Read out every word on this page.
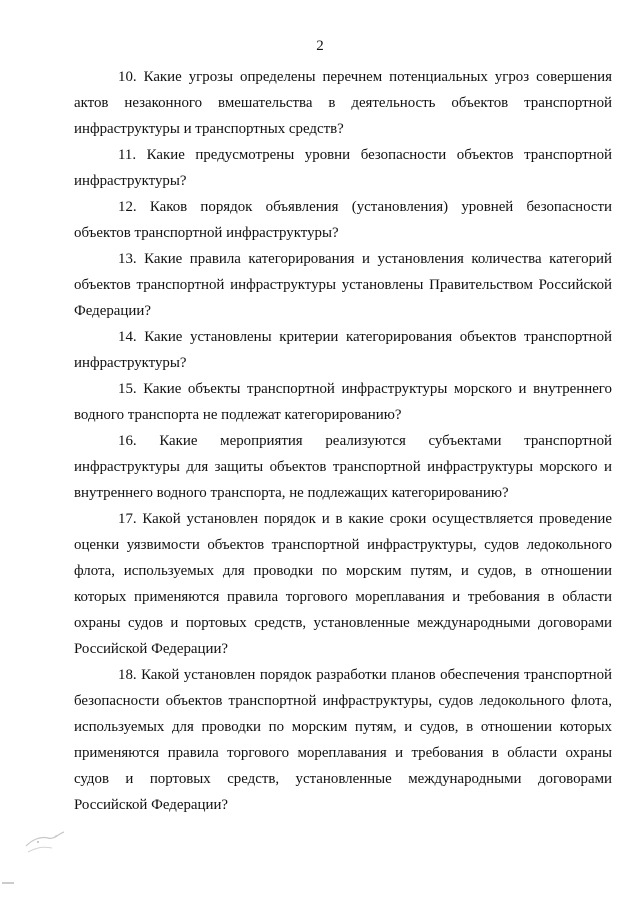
2

10. Какие угрозы определены перечнем потенциальных угроз совершения актов незаконного вмешательства в деятельность объектов транспортной инфраструктуры и транспортных средств?

11. Какие предусмотрены уровни безопасности объектов транспортной инфраструктуры?

12. Каков порядок объявления (установления) уровней безопасности объектов транспортной инфраструктуры?

13. Какие правила категорирования и установления количества категорий объектов транспортной инфраструктуры установлены Правительством Российской Федерации?

14. Какие установлены критерии категорирования объектов транспортной инфраструктуры?

15. Какие объекты транспортной инфраструктуры морского и внутреннего водного транспорта не подлежат категорированию?

16. Какие мероприятия реализуются субъектами транспортной инфраструктуры для защиты объектов транспортной инфраструктуры морского и внутреннего водного транспорта, не подлежащих категорированию?

17. Какой установлен порядок и в какие сроки осуществляется проведение оценки уязвимости объектов транспортной инфраструктуры, судов ледокольного флота, используемых для проводки по морским путям, и судов, в отношении которых применяются правила торгового мореплавания и требования в области охраны судов и портовых средств, установленные международными договорами Российской Федерации?

18. Какой установлен порядок разработки планов обеспечения транспортной безопасности объектов транспортной инфраструктуры, судов ледокольного флота, используемых для проводки по морским путям, и судов, в отношении которых применяются правила торгового мореплавания и требования в области охраны судов и портовых средств, установленные международными договорами Российской Федерации?
